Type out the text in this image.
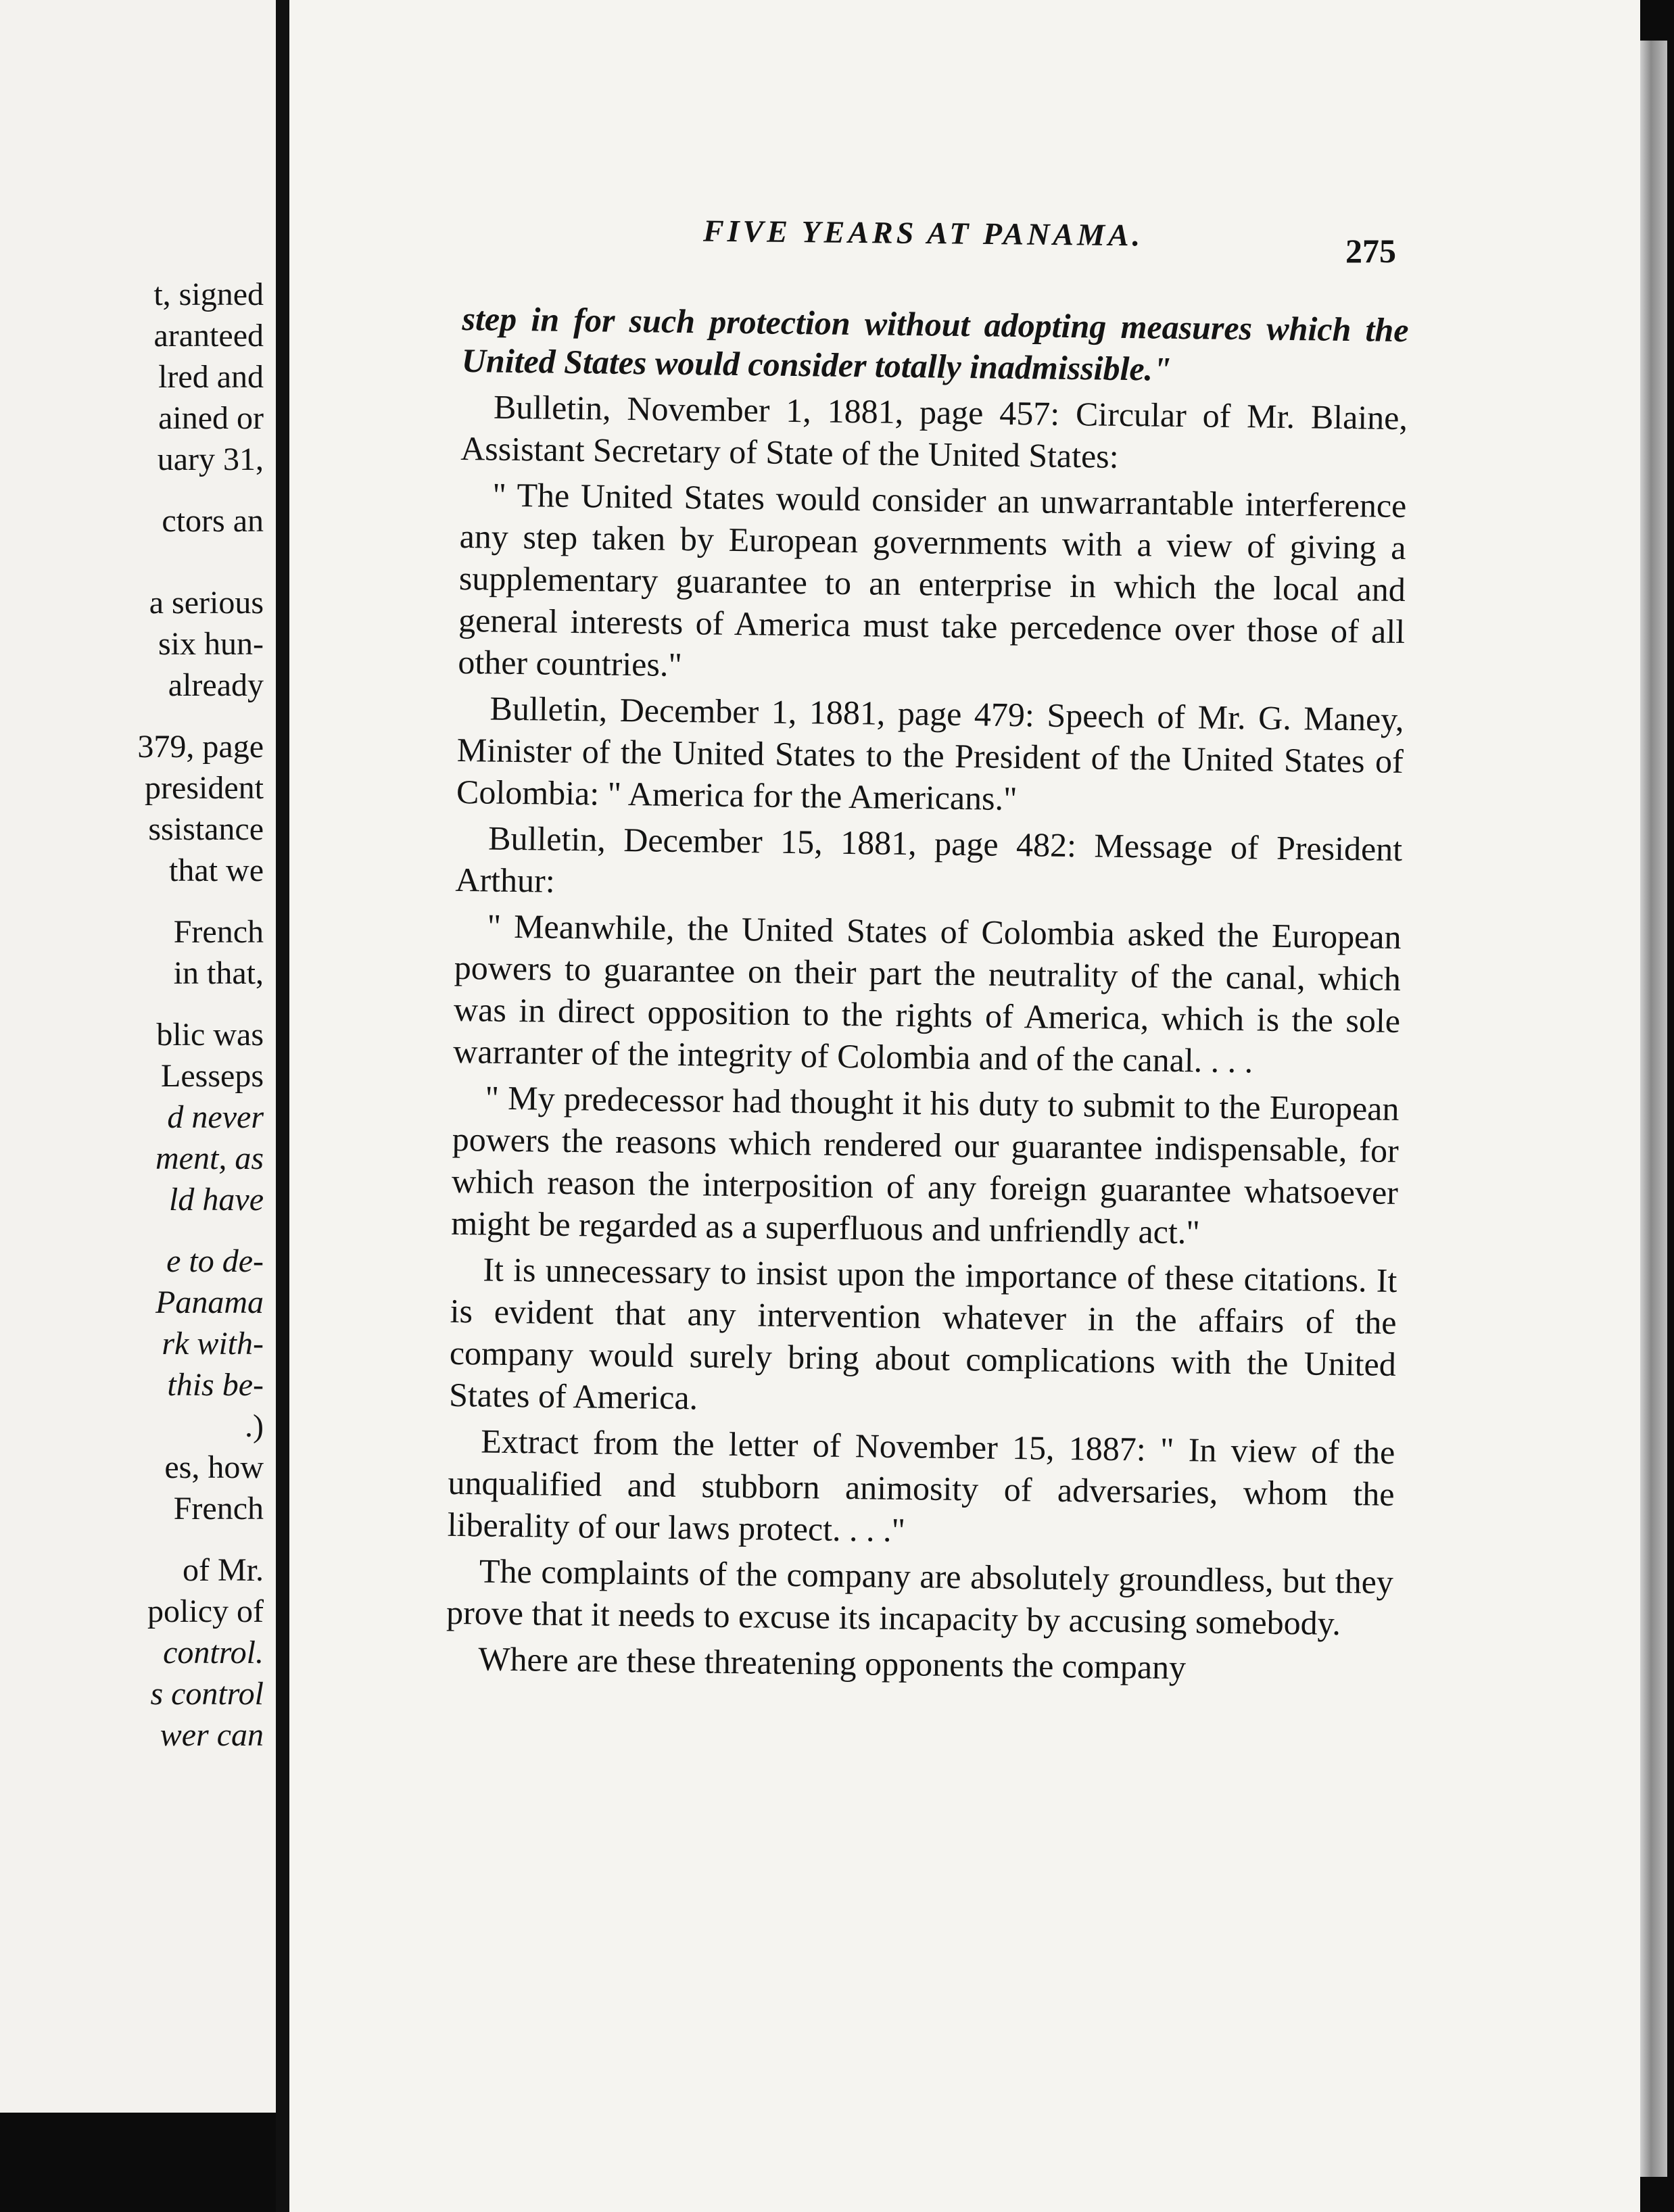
t, signed
aranteed
lred and
ained or
uary 31,
ctors an
a serious
six hun-
already
379, page
president
ssistance
that we
French
in that,
blic was
Lesseps
d never
ment, as
ld have
e to de-
Panama
rk with-
this be-
.)
es, how
French
of Mr.
policy of
control.
s control
wer can
FIVE YEARS AT PANAMA.	275

step in for such protection without adopting measures which the United States would consider totally inadmissible."

Bulletin, November 1, 1881, page 457: Circular of Mr. Blaine, Assistant Secretary of State of the United States:

" The United States would consider an unwarrantable interference any step taken by European governments with a view of giving a supplementary guarantee to an enterprise in which the local and general interests of America must take percedence over those of all other countries."

Bulletin, December 1, 1881, page 479: Speech of Mr. G. Maney, Minister of the United States to the President of the United States of Colombia: " America for the Americans."

Bulletin, December 15, 1881, page 482: Message of President Arthur:

" Meanwhile, the United States of Colombia asked the European powers to guarantee on their part the neutrality of the canal, which was in direct opposition to the rights of America, which is the sole warranter of the integrity of Colombia and of the canal. . . .

" My predecessor had thought it his duty to submit to the European powers the reasons which rendered our guarantee indispensable, for which reason the interposition of any foreign guarantee whatsoever might be regarded as a superfluous and unfriendly act."

It is unnecessary to insist upon the importance of these citations. It is evident that any intervention whatever in the affairs of the company would surely bring about complications with the United States of America.

Extract from the letter of November 15, 1887: " In view of the unqualified and stubborn animosity of adversaries, whom the liberality of our laws protect. . . ."

The complaints of the company are absolutely groundless, but they prove that it needs to excuse its incapacity by accusing somebody.

Where are these threatening opponents the company
